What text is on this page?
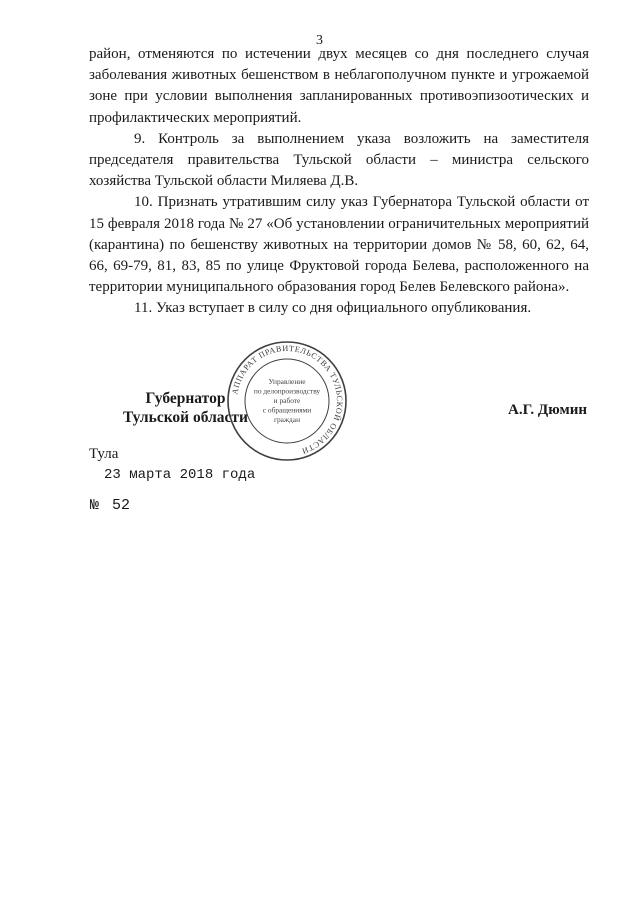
3

район, отменяются по истечении двух месяцев со дня последнего случая заболевания животных бешенством в неблагополучном пункте и угрожаемой зоне при условии выполнения запланированных противоэпизоотических и профилактических мероприятий.

9. Контроль за выполнением указа возложить на заместителя председателя правительства Тульской области – министра сельского хозяйства Тульской области Миляева Д.В.

10. Признать утратившим силу указ Губернатора Тульской области от 15 февраля 2018 года № 27 «Об установлении ограничительных мероприятий (карантина) по бешенству животных на территории домов № 58, 60, 62, 64, 66, 69-79, 81, 83, 85 по улице Фруктовой города Белева, расположенного на территории муниципального образования город Белев Белевского района».

11. Указ вступает в силу со дня официального опубликования.

Губернатор
Тульской области	А.Г. Дюмин
АППАРАТ ПРАВИТЕЛЬСТВА ТУЛЬСКОЙ ОБЛАСТИ
Управление
по делопроизводству
и работе
с обращениями
граждан
Тула
23 марта 2018 года
№ 52
